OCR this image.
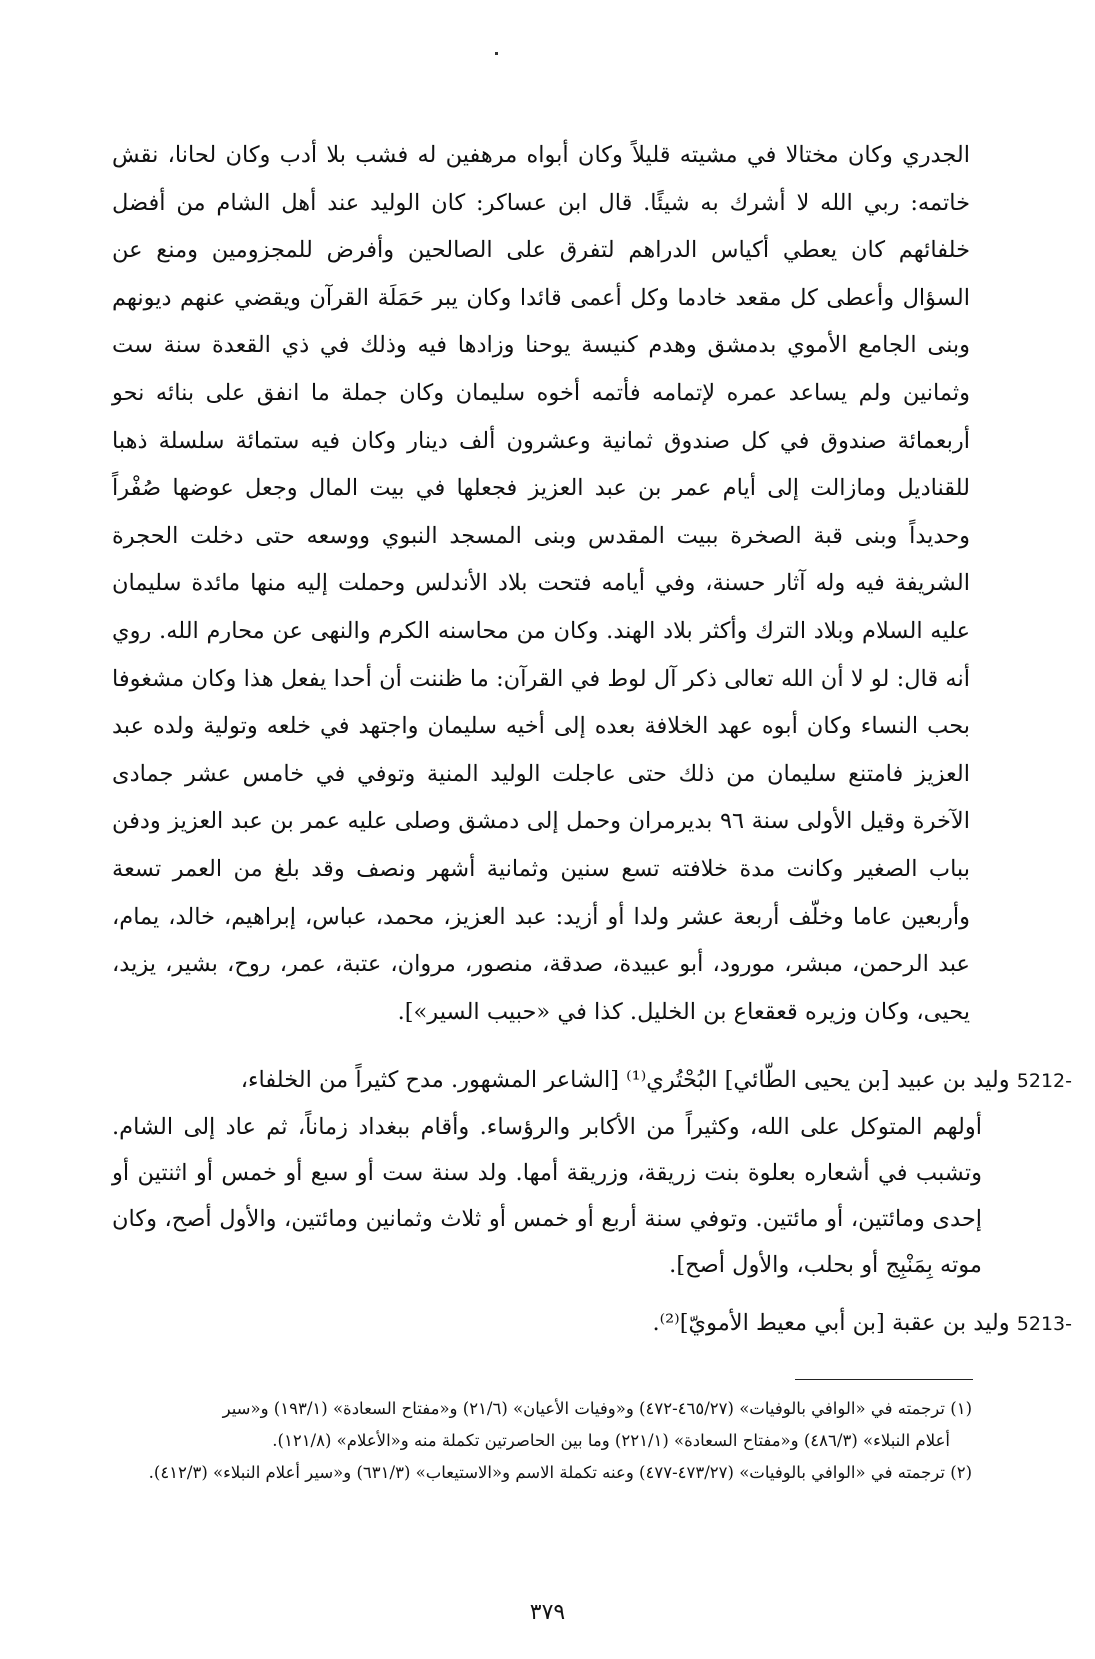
الجدري وكان مختالا في مشيته قليلاً وكان أبواه مرهفين له فشب بلا أدب وكان لحانا، نقش خاتمه: ربي الله لا أشرك به شيئًا. قال ابن عساكر: كان الوليد عند أهل الشام من أفضل خلفائهم كان يعطي أكياس الدراهم لتفرق على الصالحين وأفرض للمجزومين ومنع عن السؤال وأعطى كل مقعد خادما وكل أعمى قائدا وكان يبر حَمَلَة القرآن ويقضي عنهم ديونهم وبنى الجامع الأموي بدمشق وهدم كنيسة يوحنا وزادها فيه وذلك في ذي القعدة سنة ست وثمانين ولم يساعد عمره لإتمامه فأتمه أخوه سليمان وكان جملة ما انفق على بنائه نحو أربعمائة صندوق في كل صندوق ثمانية وعشرون ألف دينار وكان فيه ستمائة سلسلة ذهبا للقناديل ومازالت إلى أيام عمر بن عبد العزيز فجعلها في بيت المال وجعل عوضها صُفْراً وحديداً وبنى قبة الصخرة ببيت المقدس وبنى المسجد النبوي ووسعه حتى دخلت الحجرة الشريفة فيه وله آثار حسنة، وفي أيامه فتحت بلاد الأندلس وحملت إليه منها مائدة سليمان عليه السلام وبلاد الترك وأكثر بلاد الهند. وكان من محاسنه الكرم والنهى عن محارم الله. روي أنه قال: لو لا أن الله تعالى ذكر آل لوط في القرآن: ما ظننت أن أحدا يفعل هذا وكان مشغوفا بحب النساء وكان أبوه عهد الخلافة بعده إلى أخيه سليمان واجتهد في خلعه وتولية ولده عبد العزيز فامتنع سليمان من ذلك حتى عاجلت الوليد المنية وتوفي في خامس عشر جمادى الآخرة وقيل الأولى سنة ٩٦ بديرمران وحمل إلى دمشق وصلى عليه عمر بن عبد العزيز ودفن بباب الصغير وكانت مدة خلافته تسع سنين وثمانية أشهر ونصف وقد بلغ من العمر تسعة وأربعين عاما وخلّف أربعة عشر ولدا أو أزيد: عبد العزيز، محمد، عباس، إبراهيم، خالد، يمام، عبد الرحمن، مبشر، مورود، أبو عبيدة، صدقة، منصور، مروان، عتبة، عمر، روح، بشير، يزيد، يحيى، وكان وزيره قعقعاع بن الخليل. كذا في «حبيب السير»].

5212- وليد بن عبيد [بن يحيى الطّائي] البُحْتُري⁽¹⁾ [الشاعر المشهور. مدح كثيراً من الخلفاء،
أولهم المتوكل على الله، وكثيراً من الأكابر والرؤساء. وأقام ببغداد زماناً، ثم عاد إلى الشام. وتشبب في أشعاره بعلوة بنت زريقة، وزريقة أمها. ولد سنة ست أو سبع أو خمس أو اثنتين أو إحدى ومائتين، أو مائتين. وتوفي سنة أربع أو خمس أو ثلاث وثمانين ومائتين، والأول أصح، وكان موته بِمَنْبِج أو بحلب، والأول أصح].
5213- وليد بن عقبة [بن أبي معيط الأمويّ]⁽²⁾.
(١) ترجمته في «الوافي بالوفيات» (٤٦٥/٢٧-٤٧٢) و«وفيات الأعيان» (٢١/٦) و«مفتاح السعادة» (١٩٣/١) و«سير
أعلام النبلاء» (٤٨٦/٣) و«مفتاح السعادة» (٢٢١/١) وما بين الحاصرتين تكملة منه و«الأعلام» (١٢١/٨).
(٢) ترجمته في «الوافي بالوفيات» (٤٧٣/٢٧-٤٧٧) وعنه تكملة الاسم و«الاستيعاب» (٦٣١/٣) و«سير أعلام النبلاء» (٤١٢/٣).
٣٧٩
